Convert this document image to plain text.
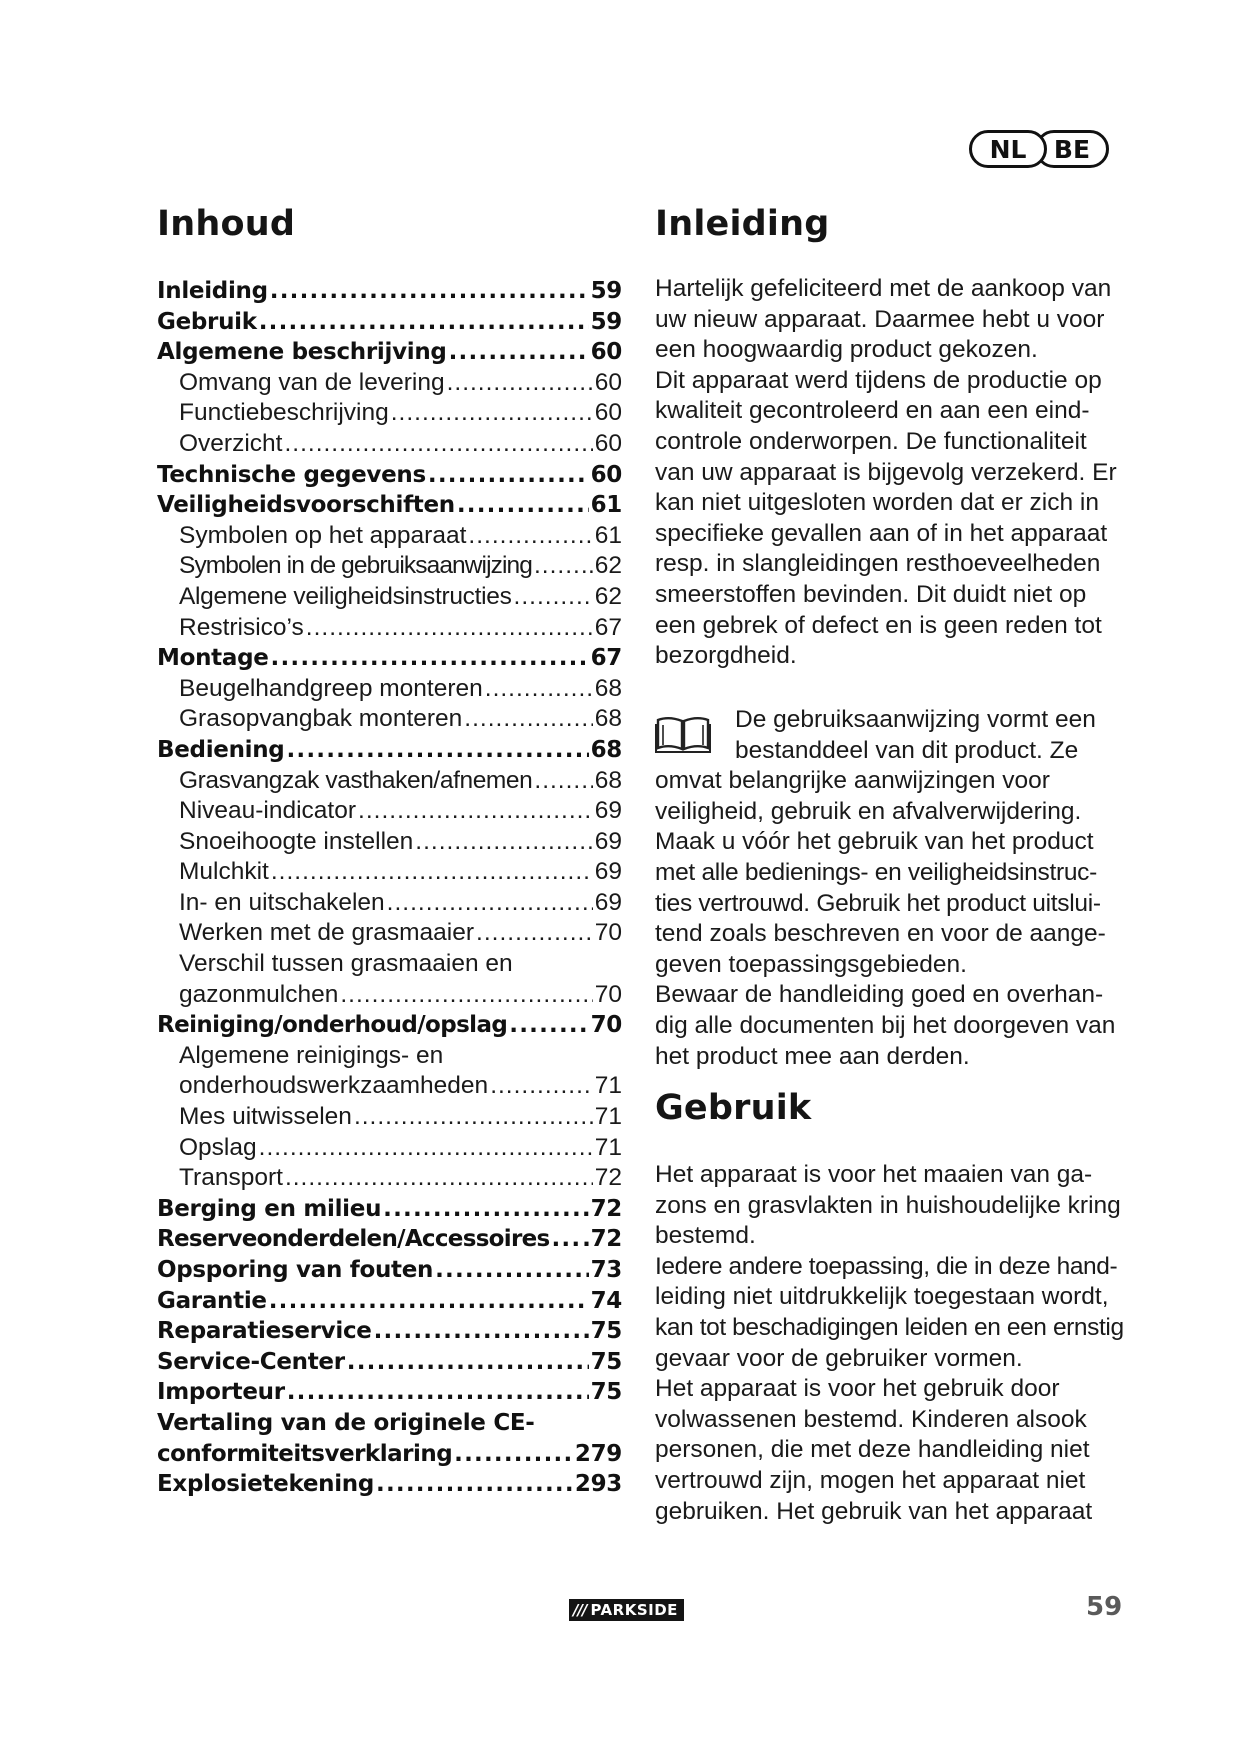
NL	BE
Inhoud
Inleiding .....	59
Gebruik .....	59
Algemene beschrijving .....	60
Omvang van de levering .....	60
Functiebeschrijving .....	60
Overzicht .....	60
Technische gegevens .....	60
Veiligheidsvoorschiften .....	61
Symbolen op het apparaat .....	61
Symbolen in de gebruiksaanwijzing ..... .62
Algemene veiligheidsinstructies .....	62
Restrisico’s .....	67
Montage .....	67
Beugelhandgreep monteren .....	68
Grasopvangbak monteren .....	68
Bediening .....	68
Grasvangzak vasthaken/afnemen .....	68
Niveau-indicator .....	69
Snoeihoogte instellen .....	69
Mulchkit .....	69
In- en uitschakelen .....	69
Werken met de grasmaaier .....	70
Verschil tussen grasmaaien en
gazonmulchen .....	70
Reiniging/onderhoud/opslag .....	70
Algemene reinigings- en
onderhoudswerkzaamheden .....	71
Mes uitwisselen .....	71
Opslag .....	71
Transport .....	72
Berging en milieu .....	72
Reserveonderdelen/Accessoires ..... .72
Opsporing van fouten .....	73
Garantie .....	74
Reparatieservice .....	75
Service-Center .....	75
Importeur .....	75
Vertaling van de originele CE-
conformiteitsverklaring .....	279
Explosietekening .....	293
Inleiding

Hartelijk gefeliciteerd met de aankoop van

uw nieuw apparaat. Daarmee hebt u voor

een hoogwaardig product gekozen.

Dit apparaat werd tijdens de productie op

kwaliteit gecontroleerd en aan een eind-

controle onderworpen. De functionaliteit

van uw apparaat is bijgevolg verzekerd. Er

kan niet uitgesloten worden dat er zich in

specifieke gevallen aan of in het apparaat

resp. in slangleidingen resthoeveelheden

smeerstoffen bevinden. Dit duidt niet op

een gebrek of defect en is geen reden tot

bezorgdheid.

De gebruiksaanwijzing vormt een

bestanddeel van dit product. Ze

omvat belangrijke aanwijzingen voor

veiligheid, gebruik en afvalverwijdering.

Maak u vóór het gebruik van het product

met alle bedienings- en veiligheidsinstruc-

ties vertrouwd. Gebruik het product uitslui-

tend zoals beschreven en voor de aange-

geven toepassingsgebieden.

Bewaar de handleiding goed en overhan-

dig alle documenten bij het doorgeven van

het product mee aan derden.

Gebruik

Het apparaat is voor het maaien van ga-

zons en grasvlakten in huishoudelijke kring

bestemd.

Iedere andere toepassing, die in deze hand-

leiding niet uitdrukkelijk toegestaan wordt,

kan tot beschadigingen leiden en een ernstig

gevaar voor de gebruiker vormen.

Het apparaat is voor het gebruik door

volwassenen bestemd. Kinderen alsook

personen, die met deze handleiding niet

vertrouwd zijn, mogen het apparaat niet

gebruiken. Het gebruik van het apparaat

/// PARKSIDE	59
